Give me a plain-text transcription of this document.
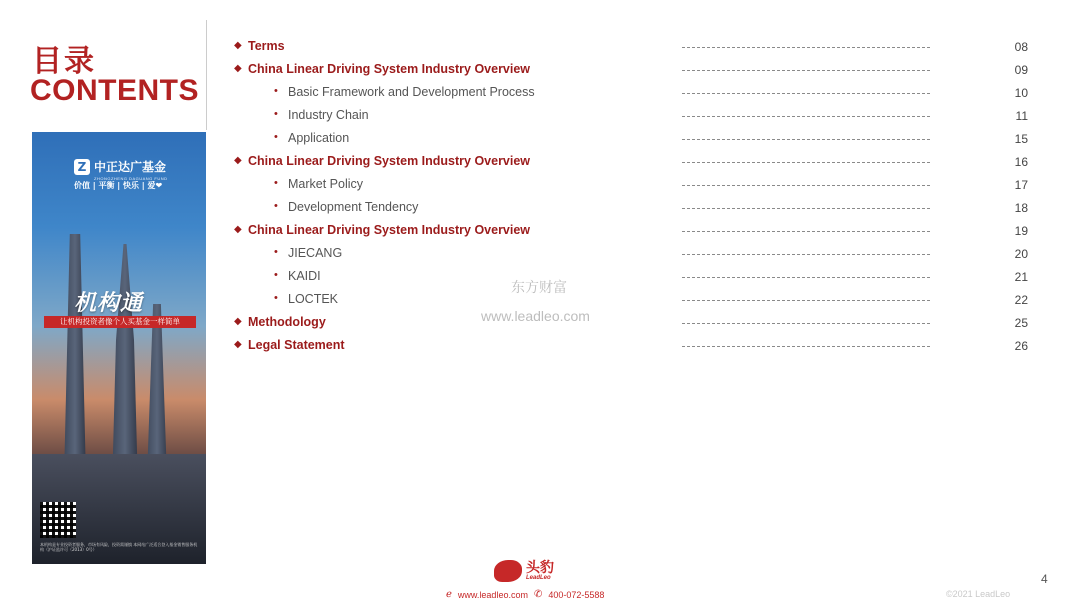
目录
CONTENTS
Z 中正达广基金
ZHONGZHENG DAGUANG FUND
价值 | 平衡 | 快乐 | 爱❤
机构通
让机构投资者像个人买基金一样简单
本机构是专业投资者服务，市场有风险，投资需谨慎 本网站广泛适合登入基金销售服务机构（沪证监许可（2013）0号）
◆ Terms	08
◆ China Linear Driving System Industry Overview	09
• Basic Framework and Development Process	10
• Industry Chain	11
• Application	15
◆ China Linear Driving System Industry Overview	16
• Market Policy	17
• Development Tendency	18
◆ China Linear Driving System Industry Overview	19
• JIECANG	20
• KAIDI	21
• LOCTEK	22
◆ Methodology	25
◆ Legal Statement	26
东方财富
www.leadleo.com
头豹
LeadLeo
ℯ www.leadleo.com ✆ 400-072-5588
4
©2021 LeadLeo
